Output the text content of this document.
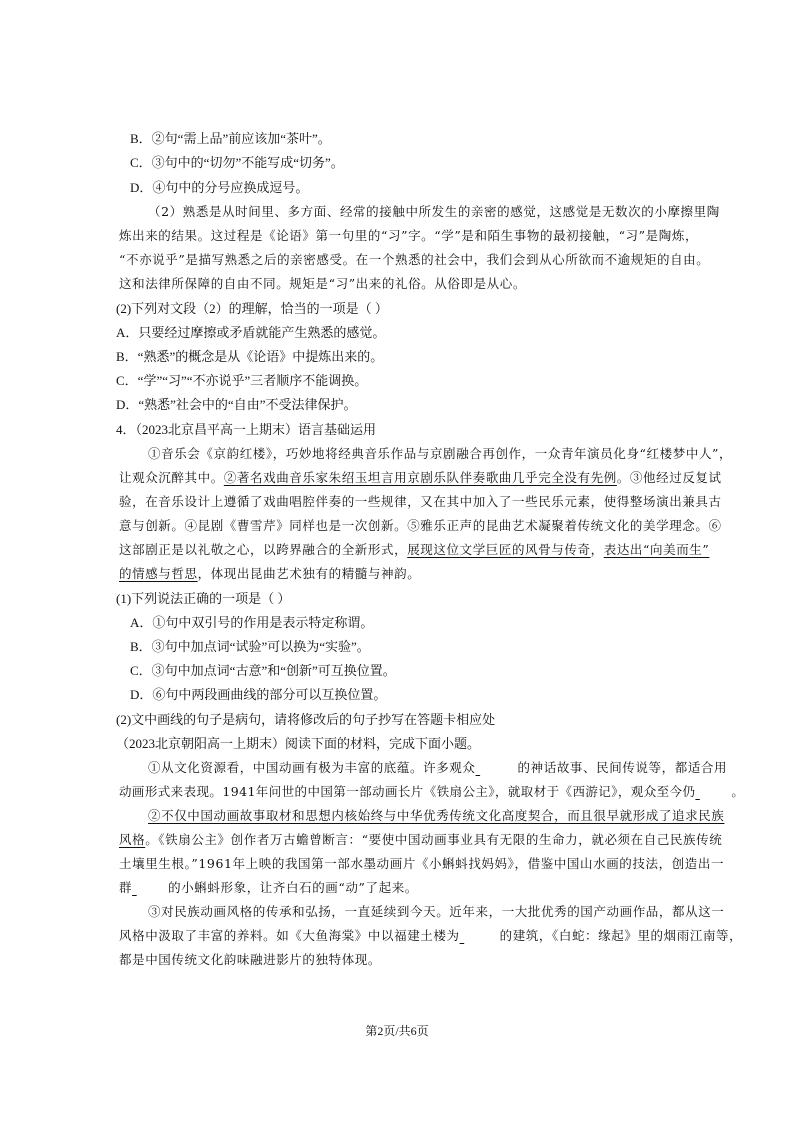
B．②句“需上品”前应该加“茶叶”。
C．③句中的“切勿”不能写成“切务”。
D．④句中的分号应换成逗号。
（2）熟悉是从时间里、多方面、经常的接触中所发生的亲密的感觉，这感觉是无数次的小摩擦里陶
炼出来的结果。这过程是《论语》第一句里的“习”字。“学”是和陌生事物的最初接触，“习”是陶炼，
“不亦说乎”是描写熟悉之后的亲密感受。在一个熟悉的社会中，我们会到从心所欲而不逾规矩的自由。
这和法律所保障的自由不同。规矩是“习”出来的礼俗。从俗即是从心。
(2)下列对文段（2）的理解，恰当的一项是（ ）
A．只要经过摩擦或矛盾就能产生熟悉的感觉。
B．“熟悉”的概念是从《论语》中提炼出来的。
C．“学”“习”“不亦说乎”三者顺序不能调换。
D．“熟悉”社会中的“自由”不受法律保护。
4．（2023北京昌平高一上期末）语言基础运用
①音乐会《京韵红楼》，巧妙地将经典音乐作品与京剧融合再创作，一众青年演员化身“红楼梦中人”，
让观众沉醉其中。②著名戏曲音乐家朱绍玉坦言用京剧乐队伴奏歌曲几乎完全没有先例。③他经过反复试
验，在音乐设计上遵循了戏曲唱腔伴奏的一些规律，又在其中加入了一些民乐元素，使得整场演出兼具古
意与创新。④昆剧《曹雪芹》同样也是一次创新。⑤雅乐正声的昆曲艺术凝聚着传统文化的美学理念。⑥
这部剧正是以礼敬之心，以跨界融合的全新形式，展现这位文学巨匠的风骨与传奇，表达出“向美而生”
的情感与哲思，体现出昆曲艺术独有的精髓与神韵。
(1)下列说法正确的一项是（ ）
A．①句中双引号的作用是表示特定称谓。
B．③句中加点词“试验”可以换为“实验”。
C．③句中加点词“古意”和“创新”可互换位置。
D．⑥句中两段画曲线的部分可以互换位置。
(2)文中画线的句子是病句，请将修改后的句子抄写在答题卡相应处
（2023北京朝阳高一上期末）阅读下面的材料，完成下面小题。
①从文化资源看，中国动画有极为丰富的底蕴。许多观众	的神话故事、民间传说等，都适合用
动画形式来表现。1941年问世的中国第一部动画长片《铁扇公主》，就取材于《西游记》，观众至今仍	。
②不仅中国动画故事取材和思想内核始终与中华优秀传统文化高度契合，而且很早就形成了追求民族
风格。《铁扇公主》创作者万古蟾曾断言：“要使中国动画事业具有无限的生命力，就必须在自己民族传统
土壤里生根。”1961年上映的我国第一部水墨动画片《小蝌蚪找妈妈》，借鉴中国山水画的技法，创造出一
群	的小蝌蚪形象，让齐白石的画“动”了起来。
③对民族动画风格的传承和弘扬，一直延续到今天。近年来，一大批优秀的国产动画作品，都从这一
风格中汲取了丰富的养料。如《大鱼海棠》中以福建土楼为	的建筑，《白蛇：缘起》里的烟雨江南等，
都是中国传统文化韵味融进影片的独特体现。
第2页/共6页
